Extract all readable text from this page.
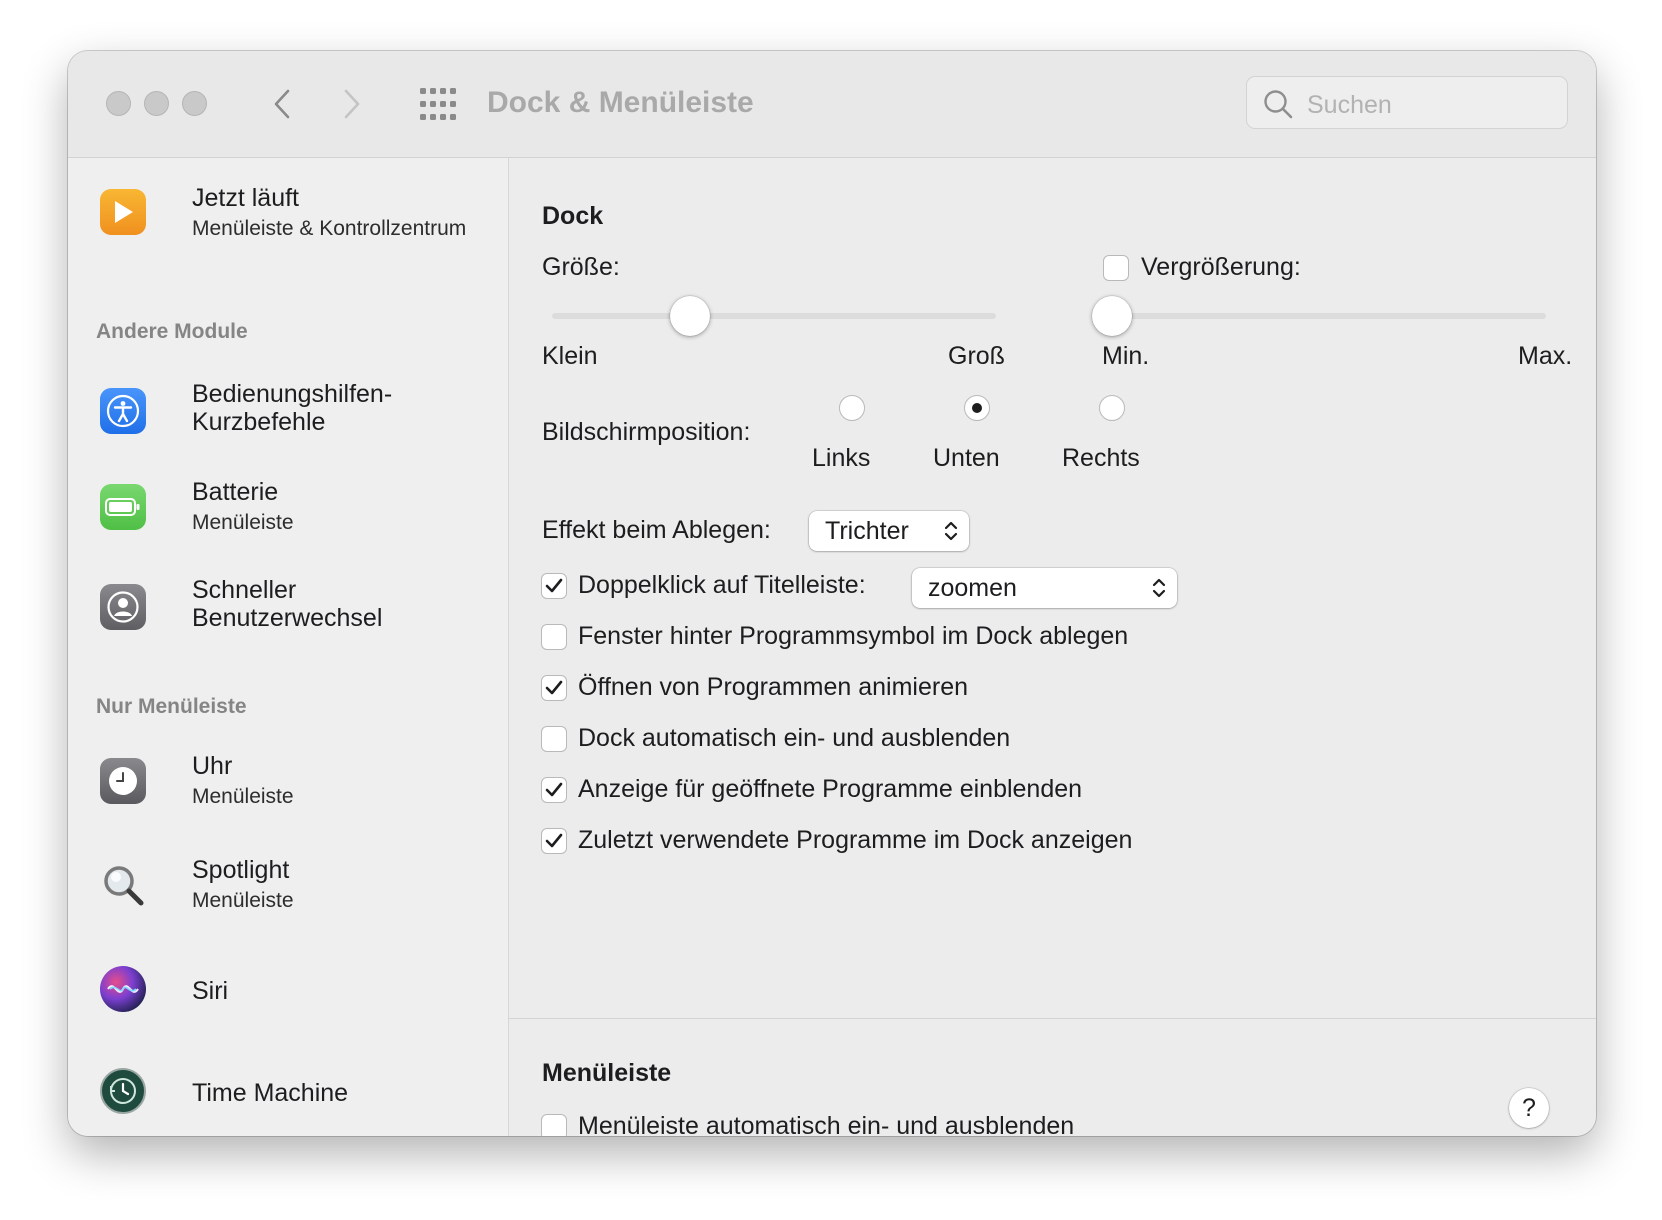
Dock & Menüleiste	Suchen
Jetzt läuft
Menüleiste & Kontrollzentrum
Andere Module
Bedienungshilfen-
Kurzbefehle
Batterie
Menüleiste
Schneller
Benutzerwechsel
Nur Menüleiste
Uhr
Menüleiste
Spotlight
Menüleiste
Siri
Time Machine
Dock
Größe:
Klein	Groß
Vergrößerung:
Min.	Max.
Bildschirmposition:
Links	Unten Rechts
Effekt beim Ablegen: Trichter
Doppelklick auf Titelleiste: zoomen
Fenster hinter Programmsymbol im Dock ablegen
Öffnen von Programmen animieren
Dock automatisch ein- und ausblenden
Anzeige für geöffnete Programme einblenden
Zuletzt verwendete Programme im Dock anzeigen
Menüleiste
Menüleiste automatisch ein- und ausblenden
?
